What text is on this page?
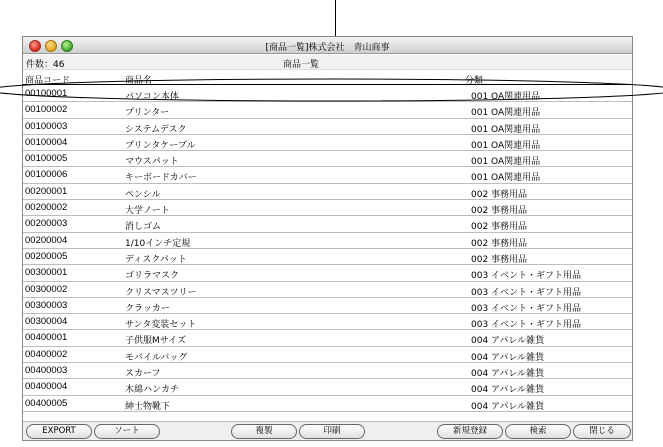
[商品一覧]株式会社　青山商事
件数：46	商品一覧
商品コード	商品名	分類
00100001	パソコン本体	001 OA関連用品
00100002	プリンター	001 OA関連用品
00100003	システムデスク	001 OA関連用品
00100004	プリンタケーブル	001 OA関連用品
00100005	マウスパット	001 OA関連用品
00100006	キーボードカバー	001 OA関連用品
00200001	ペンシル	002 事務用品
00200002	大学ノート	002 事務用品
00200003	消しゴム	002 事務用品
00200004	1/10インチ定規	002 事務用品
00200005	ディスクパット	002 事務用品
00300001	ゴリラマスク	003 イベント・ギフト用品
00300002	クリスマスツリー	003 イベント・ギフト用品
00300003	クラッカー	003 イベント・ギフト用品
00300004	サンタ変装セット	003 イベント・ギフト用品
00400001	子供服Mサイズ	004 アパレル雑貨
00400002	モバイルバッグ	004 アパレル雑貨
00400003	スカーフ	004 アパレル雑貨
00400004	木綿ハンカチ	004 アパレル雑貨
00400005	紳士物靴下	004 アパレル雑貨
EXPORT	ソート	複製	印刷	新規登録	検索	閉じる
